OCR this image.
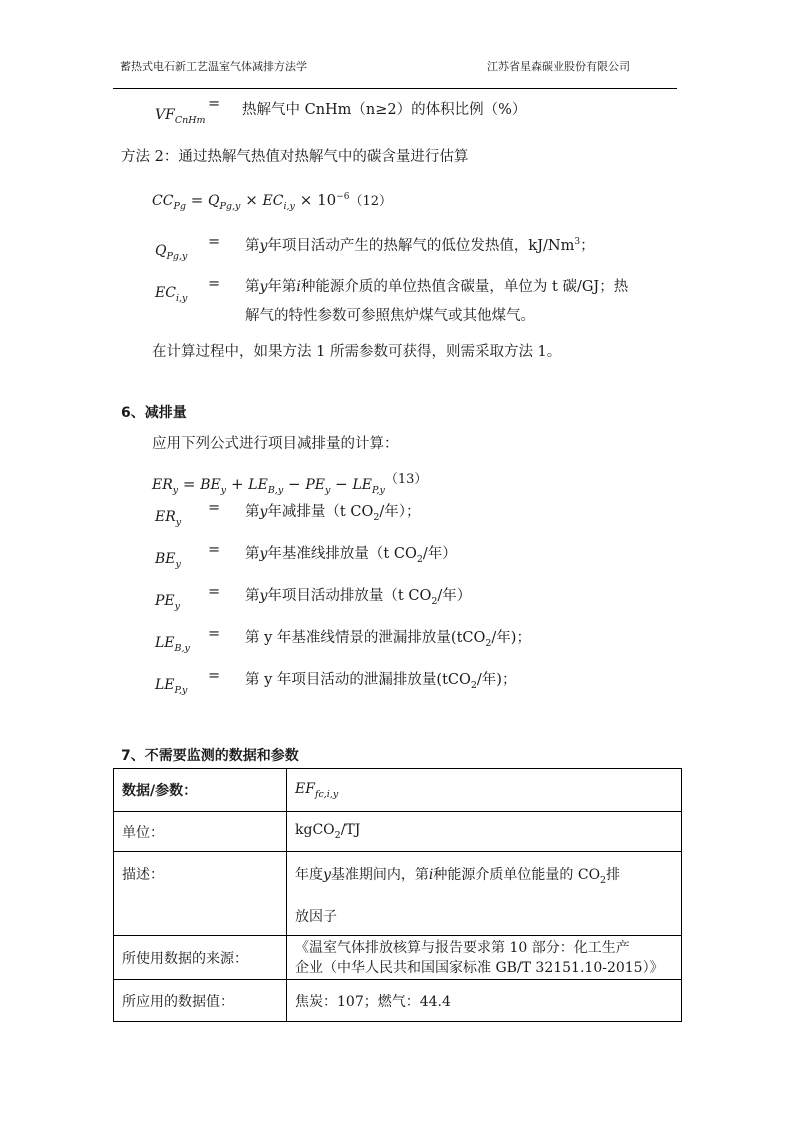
蓄热式电石新工艺温室气体减排方法学	江苏省星森碳业股份有限公司
$VF_{CnHm}$
= 热解气中 CnHm（n≥2）的体积比例（%）
方法 2：通过热解气热值对热解气中的碳含量进行估算
$CC_{Pg} = Q_{Pg,y} \times EC_{i,y} \times 10^{-6}(12)$
$Q_{Pg,y}$
= 第y年项目活动产生的热解气的低位发热值，kJ/Nm$^3$；
$EC_{i,y}$
= 第y年第i种能源介质的单位热值含碳量，单位为 t 碳/GJ；热
解气的特性参数可参照焦炉煤气或其他煤气。
在计算过程中，如果方法 1 所需参数可获得，则需采取方法 1。
6、减排量
应用下列公式进行项目减排量的计算：
$ER_y = BE_y + LE_{B,y} - PE_y - LE_{P,y}(13)$
$ER_y$
= 第y年减排量（t $CO_2/$年）；
$BE_y$
= 第y年基准线排放量（t $CO_2/$年）
$PE_y$
= 第y年项目活动排放量（t $CO_2/$年）
$LE_{B,y}$
= 第 y 年基准线情景的泄漏排放量(tCO$_2$/年)；
$LE_{P,y}$
= 第 y 年项目活动的泄漏排放量(tCO$_2$/年)；
7、不需要监测的数据和参数
数据/参数：	$EF_{fc,i,y}$
单位：	kgCO$_2$/TJ
描述：	年度y基准期间内，第i种能源介质单位能量的 $CO_2$排
放因子

所使用数据的来源：	《温室气体排放核算与报告要求第 10 部分：化工生产
企业（中华人民共和国国家标准 GB/T 32151.10-2015）》

所应用的数据值：	焦炭：107；燃气：44.4
